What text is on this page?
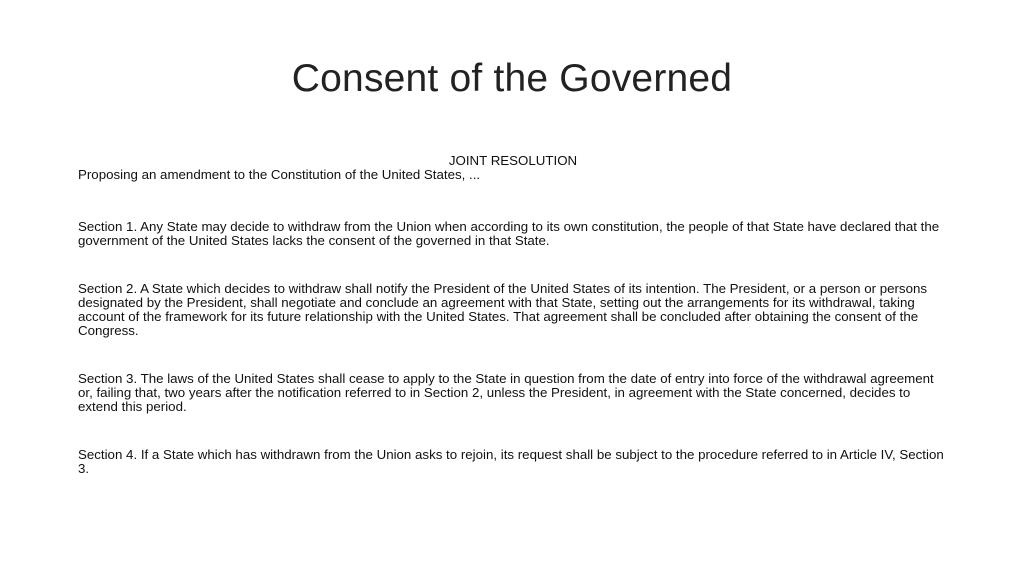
Consent of the Governed

JOINT RESOLUTION

Proposing an amendment to the Constitution of the United States, ...

Section 1. Any State may decide to withdraw from the Union when according to its own constitution, the people of that State have declared that the government of the United States lacks the consent of the governed in that State.

Section 2. A State which decides to withdraw shall notify the President of the United States of its intention. The President, or a person or persons designated by the President, shall negotiate and conclude an agreement with that State, setting out the arrangements for its withdrawal, taking account of the framework for its future relationship with the United States. That agreement shall be concluded after obtaining the consent of the Congress.

Section 3. The laws of the United States shall cease to apply to the State in question from the date of entry into force of the withdrawal agreement or, failing that, two years after the notification referred to in Section 2, unless the President, in agreement with the State concerned, decides to extend this period.

Section 4. If a State which has withdrawn from the Union asks to rejoin, its request shall be subject to the procedure referred to in Article IV, Section 3.
